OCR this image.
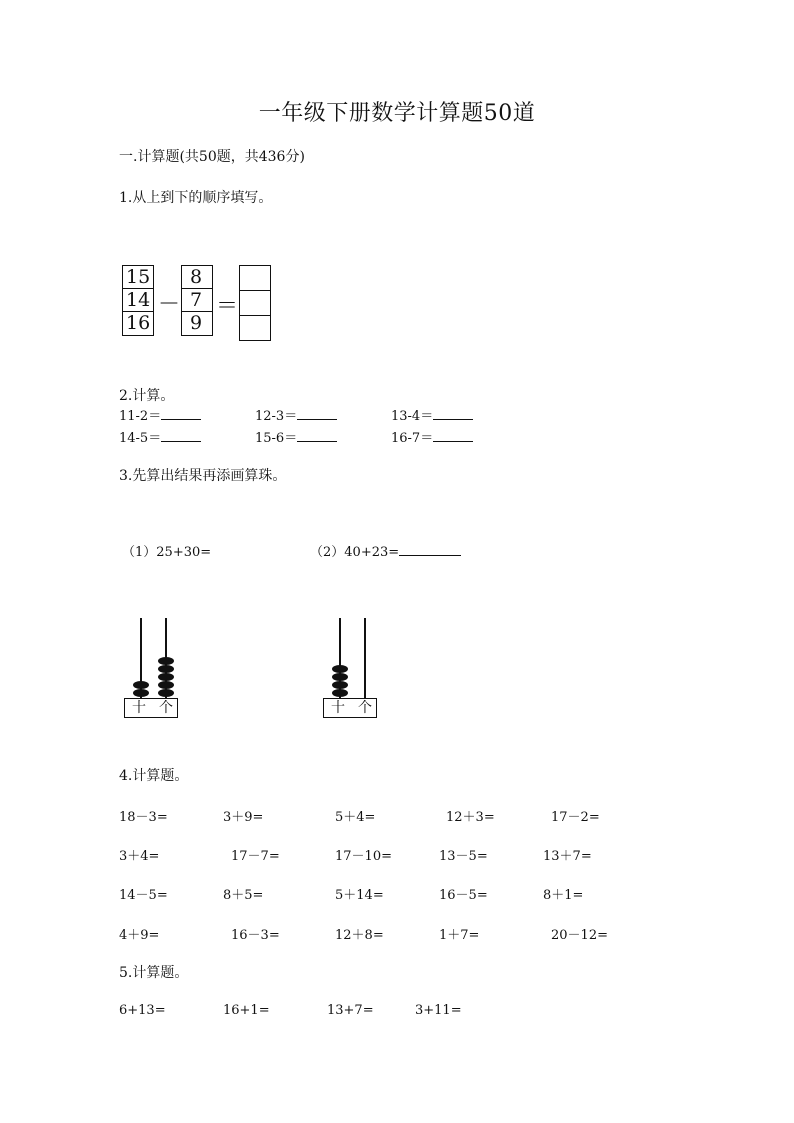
一年级下册数学计算题50道
一.计算题(共50题，共436分)
1.从上到下的顺序填写。
15
14
16
－
8
7
9
＝
2.计算。
11-2＝	12-3＝	13-4＝
14-5＝	15-6＝	16-7＝
3.先算出结果再添画算珠。
（1）25+30=	（2）40+23=
十 个	十 个
4.计算题。
18－3=	3＋9=	5＋4=	12＋3=	17－2=
3＋4=	17－7=	17－10=	13－5=	13＋7=
14－5=	8＋5=	5＋14=	16－5=	8＋1=
4＋9=	16－3=	12＋8=	1＋7=	20－12=
5.计算题。
6+13=	16+1=	13+7=	3+11=
